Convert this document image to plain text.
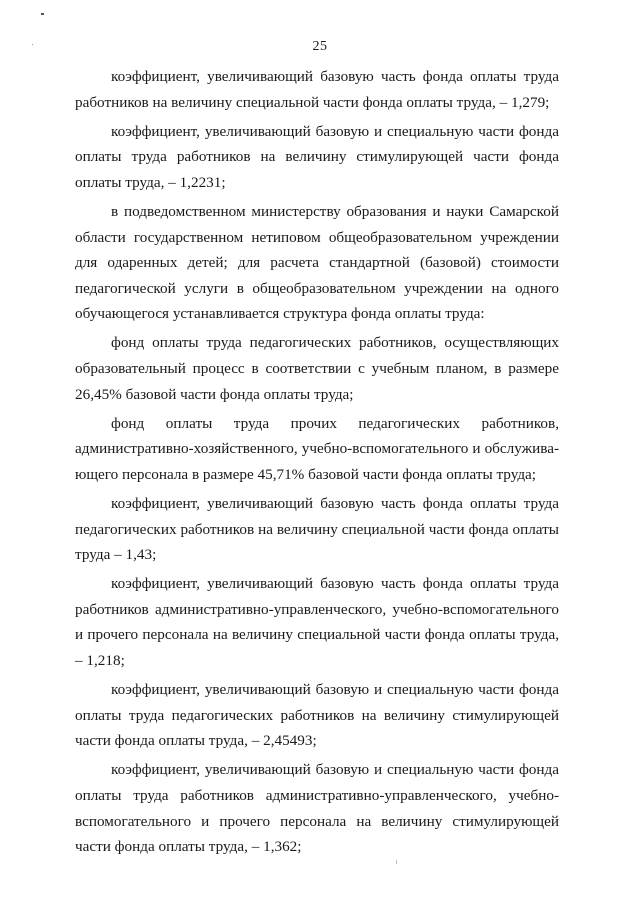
25

коэффициент, увеличивающий базовую часть фонда оплаты труда работников на величину специальной части фонда оплаты труда, – 1,279;

коэффициент, увеличивающий базовую и специальную части фонда оплаты труда работников на величину стимулирующей части фонда оплаты труда, – 1,2231;

в подведомственном министерству образования и науки Самарской области государственном нетиповом общеобразовательном учреждении для одаренных детей; для расчета стандартной (базовой) стоимости педагогической услуги в общеобразовательном учреждении на одного обучающегося устанавливается структура фонда оплаты труда:

фонд оплаты труда педагогических работников, осуществляющих образовательный процесс в соответствии с учебным планом, в размере 26,45% базовой части фонда оплаты труда;

фонд оплаты труда прочих педагогических работников, административно-хозяйственного, учебно-вспомогательного и обслужива-ющего персонала в размере 45,71% базовой части фонда оплаты труда;

коэффициент, увеличивающий базовую часть фонда оплаты труда педагогических работников на величину специальной части фонда оплаты труда – 1,43;

коэффициент, увеличивающий базовую часть фонда оплаты труда работников административно-управленческого, учебно-вспомогательного и прочего персонала на величину специальной части фонда оплаты труда, – 1,218;

коэффициент, увеличивающий базовую и специальную части фонда оплаты труда педагогических работников на величину стимулирующей части фонда оплаты труда, – 2,45493;

коэффициент, увеличивающий базовую и специальную части фонда оплаты труда работников административно-управленческого, учебно-вспомогательного и прочего персонала на величину стимулирующей части фонда оплаты труда, – 1,362;
